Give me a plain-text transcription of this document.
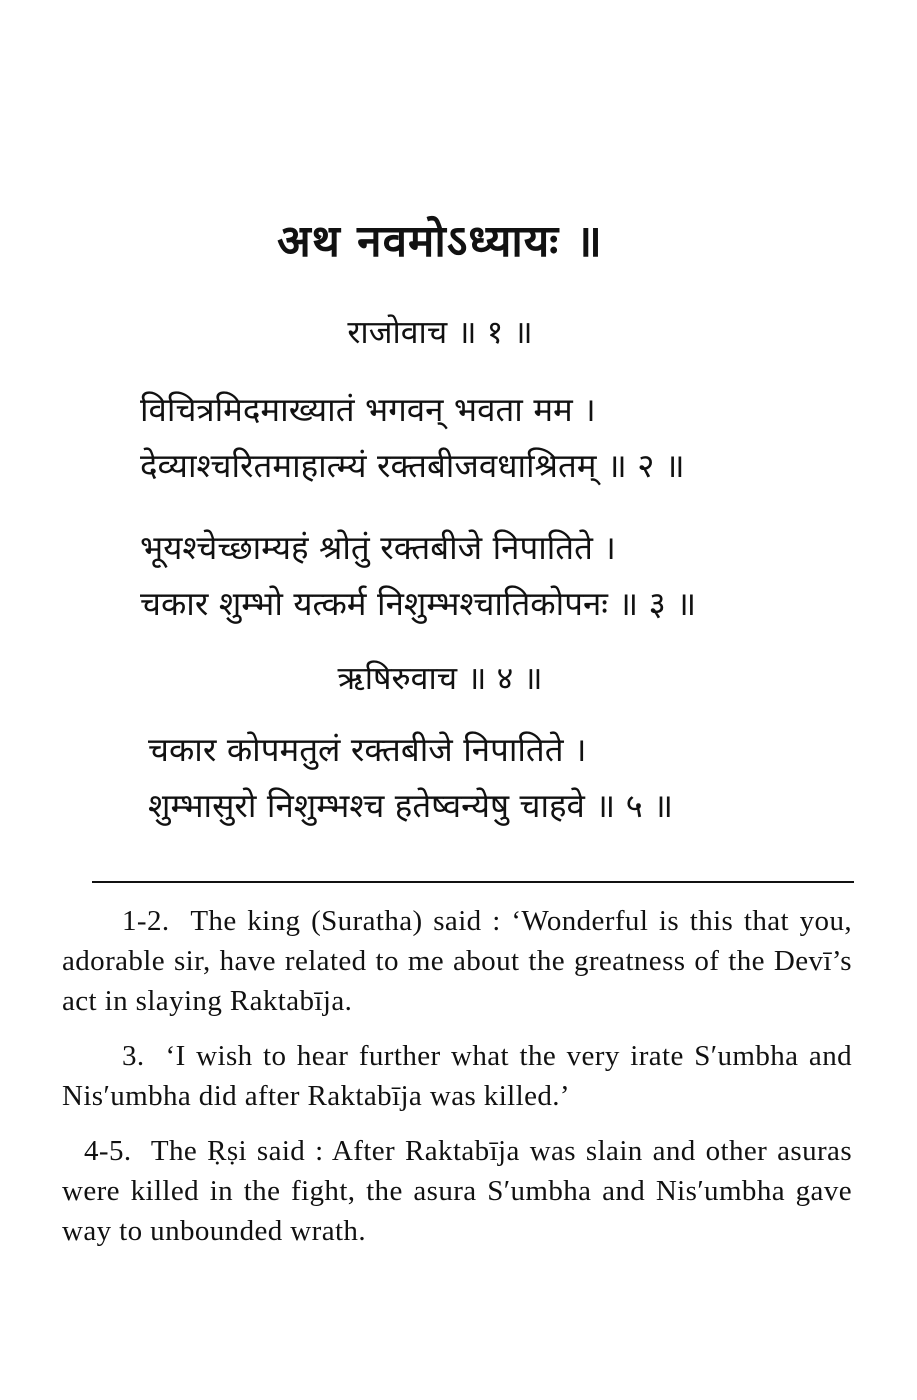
अथ नवमोऽध्यायः ॥
राजोवाच ॥ १ ॥
विचित्रमिदमाख्यातं भगवन् भवता मम ।
देव्याश्चरितमाहात्म्यं रक्तबीजवधाश्रितम् ॥ २ ॥
भूयश्चेच्छाम्यहं श्रोतुं रक्तबीजे निपातिते ।
चकार शुम्भो यत्कर्म निशुम्भश्चातिकोपनः ॥ ३ ॥
ऋषिरुवाच ॥ ४ ॥
चकार कोपमतुलं रक्तबीजे निपातिते ।
शुम्भासुरो निशुम्भश्च हतेष्वन्येषु चाहवे ॥ ५ ॥

1-2. The king (Suratha) said : ‘Wonderful is this that you, adorable sir, have related to me about the greatness of the Devī’s act in slaying Raktabīja.

3. ‘I wish to hear further what the very irate S′umbha and Nis′umbha did after Raktabīja was killed.’

4-5. The Ṛṣi said : After Raktabīja was slain and other asuras were killed in the fight, the asura S′umbha and Nis′umbha gave way to unbounded wrath.
